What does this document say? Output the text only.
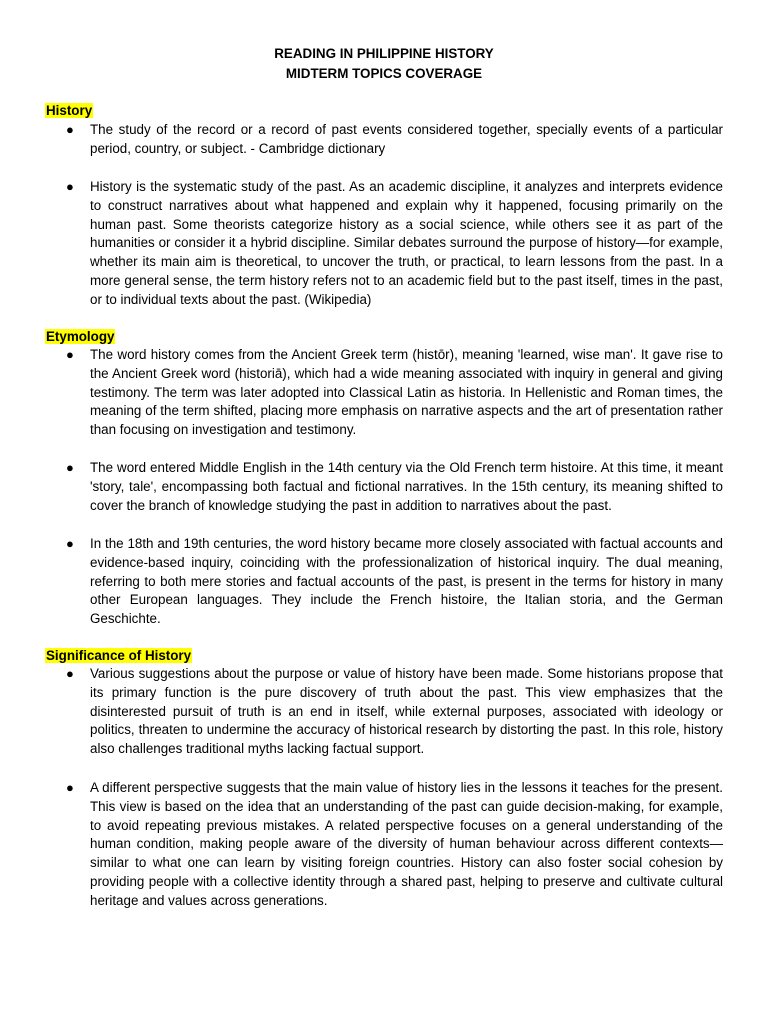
READING IN PHILIPPINE HISTORY
MIDTERM TOPICS COVERAGE
History
● The study of the record or a record of past events considered together, specially events of a particular period, country, or subject. - Cambridge dictionary
● History is the systematic study of the past. As an academic discipline, it analyzes and interprets evidence to construct narratives about what happened and explain why it happened, focusing primarily on the human past. Some theorists categorize history as a social science, while others see it as part of the humanities or consider it a hybrid discipline. Similar debates surround the purpose of history—for example, whether its main aim is theoretical, to uncover the truth, or practical, to learn lessons from the past. In a more general sense, the term history refers not to an academic field but to the past itself, times in the past, or to individual texts about the past. (Wikipedia)
Etymology
● The word history comes from the Ancient Greek term (histōr), meaning 'learned, wise man'. It gave rise to the Ancient Greek word (historiā), which had a wide meaning associated with inquiry in general and giving testimony. The term was later adopted into Classical Latin as historia. In Hellenistic and Roman times, the meaning of the term shifted, placing more emphasis on narrative aspects and the art of presentation rather than focusing on investigation and testimony.
● The word entered Middle English in the 14th century via the Old French term histoire. At this time, it meant 'story, tale', encompassing both factual and fictional narratives. In the 15th century, its meaning shifted to cover the branch of knowledge studying the past in addition to narratives about the past.
● In the 18th and 19th centuries, the word history became more closely associated with factual accounts and evidence-based inquiry, coinciding with the professionalization of historical inquiry. The dual meaning, referring to both mere stories and factual accounts of the past, is present in the terms for history in many other European languages. They include the French histoire, the Italian storia, and the German Geschichte.
Significance of History
● Various suggestions about the purpose or value of history have been made. Some historians propose that its primary function is the pure discovery of truth about the past. This view emphasizes that the disinterested pursuit of truth is an end in itself, while external purposes, associated with ideology or politics, threaten to undermine the accuracy of historical research by distorting the past. In this role, history also challenges traditional myths lacking factual support.
● A different perspective suggests that the main value of history lies in the lessons it teaches for the present. This view is based on the idea that an understanding of the past can guide decision-making, for example, to avoid repeating previous mistakes. A related perspective focuses on a general understanding of the human condition, making people aware of the diversity of human behaviour across different contexts—similar to what one can learn by visiting foreign countries. History can also foster social cohesion by providing people with a collective identity through a shared past, helping to preserve and cultivate cultural heritage and values across generations.
